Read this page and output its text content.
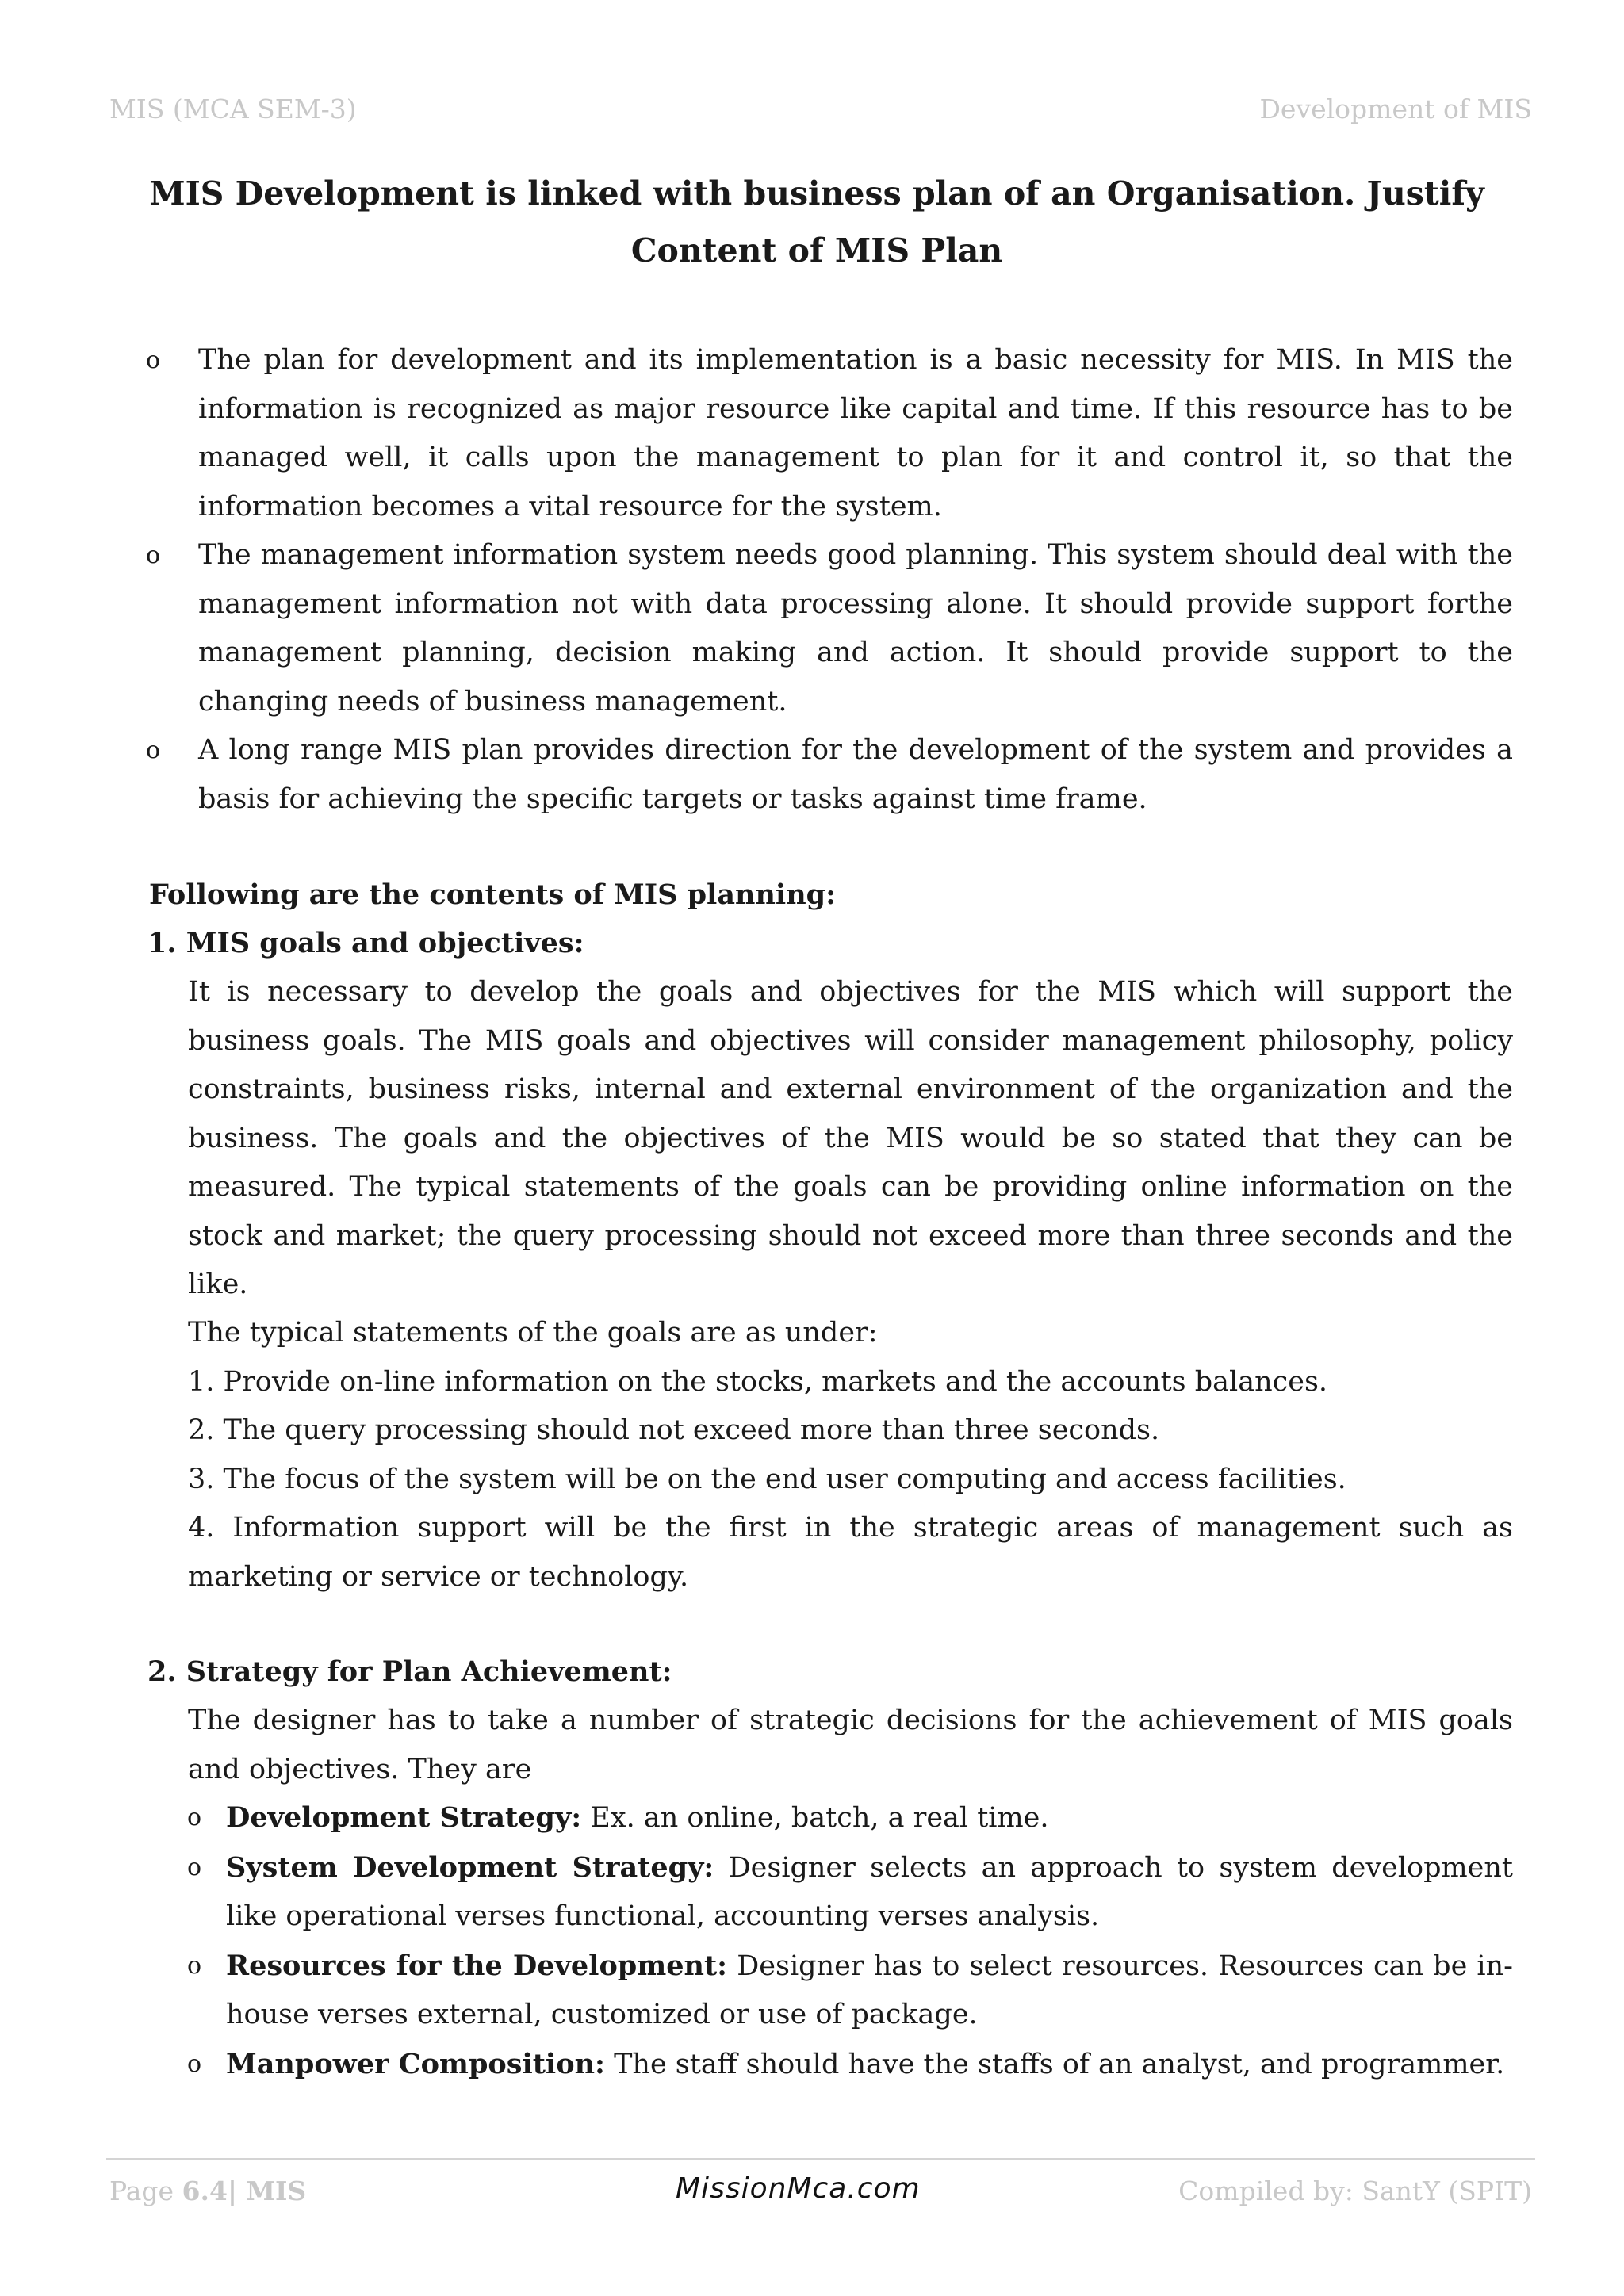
MIS (MCA SEM-3)	Development of MIS
MIS Development is linked with business plan of an Organisation. Justify Content of MIS Plan
o The plan for development and its implementation is a basic necessity for MIS. In MIS the information is recognized as major resource like capital and time. If this resource has to be managed well, it calls upon the management to plan for it and control it, so that the information becomes a vital resource for the system.
o The management information system needs good planning. This system should deal with the management information not with data processing alone. It should provide support forthe management planning, decision making and action. It should provide support to the changing needs of business management.
o A long range MIS plan provides direction for the development of the system and provides a basis for achieving the specific targets or tasks against time frame.
Following are the contents of MIS planning:
1. MIS goals and objectives:
It is necessary to develop the goals and objectives for the MIS which will support the business goals. The MIS goals and objectives will consider management philosophy, policy constraints, business risks, internal and external environment of the organization and the business. The goals and the objectives of the MIS would be so stated that they can be measured. The typical statements of the goals can be providing online information on the stock and market; the query processing should not exceed more than three seconds and the like.
The typical statements of the goals are as under:
1. Provide on-line information on the stocks, markets and the accounts balances.
2. The query processing should not exceed more than three seconds.
3. The focus of the system will be on the end user computing and access facilities.
4. Information support will be the first in the strategic areas of management such as marketing or service or technology.
2. Strategy for Plan Achievement:
The designer has to take a number of strategic decisions for the achievement of MIS goals and objectives. They are
o Development Strategy: Ex. an online, batch, a real time.
o System Development Strategy: Designer selects an approach to system development like operational verses functional, accounting verses analysis.
o Resources for the Development: Designer has to select resources. Resources can be in-house verses external, customized or use of package.
o Manpower Composition: The staff should have the staffs of an analyst, and programmer.
Page 6.4| MIS	MissionMca.com	Compiled by: SantY (SPIT)
